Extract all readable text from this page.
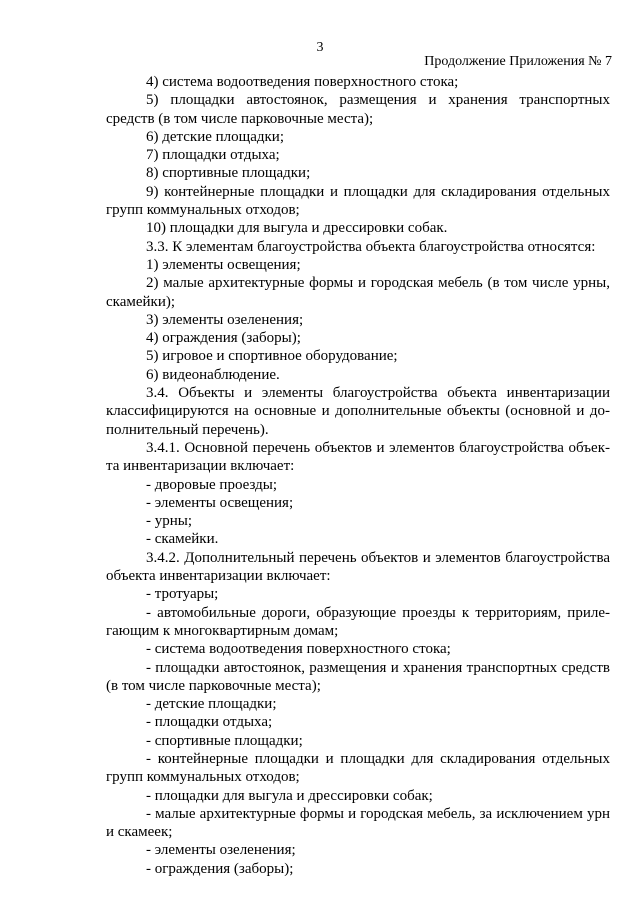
3
Продолжение Приложения № 7

4) система водоотведения поверхностного стока;

5) площадки автостоянок, размещения и хранения транспортных средств (в том числе парковочные места);

6) детские площадки;

7) площадки отдыха;

8) спортивные площадки;

9) контейнерные площадки и площадки для складирования отдельных групп коммунальных отходов;

10) площадки для выгула и дрессировки собак.

3.3. К элементам благоустройства объекта благоустройства относятся:

1) элементы освещения;

2) малые архитектурные формы и городская мебель (в том числе урны, скамейки);

3) элементы озеленения;

4) ограждения (заборы);

5) игровое и спортивное оборудование;

6) видеонаблюдение.

3.4. Объекты и элементы благоустройства объекта инвентаризации классифицируются на основные и дополнительные объекты (основной и дополнительный перечень).

3.4.1. Основной перечень объектов и элементов благоустройства объекта инвентаризации включает:

- дворовые проезды;

- элементы освещения;

- урны;

- скамейки.

3.4.2. Дополнительный перечень объектов и элементов благоустройства объекта инвентаризации включает:

- тротуары;

- автомобильные дороги, образующие проезды к территориям, прилегающим к многоквартирным домам;

- система водоотведения поверхностного стока;

- площадки автостоянок, размещения и хранения транспортных средств (в том числе парковочные места);

- детские площадки;

- площадки отдыха;

- спортивные площадки;

- контейнерные площадки и площадки для складирования отдельных групп коммунальных отходов;

- площадки для выгула и дрессировки собак;

- малые архитектурные формы и городская мебель, за исключением урн и скамеек;

- элементы озеленения;

- ограждения (заборы);
